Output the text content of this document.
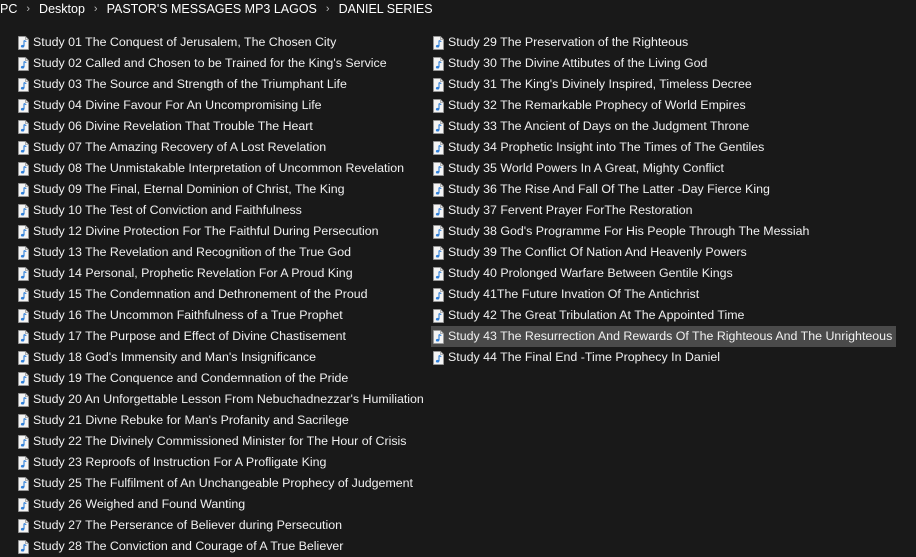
PC › Desktop › PASTOR'S MESSAGES MP3 LAGOS › DANIEL SERIES
Study 01 The Conquest of Jerusalem, The Chosen City
Study 02 Called and Chosen to be Trained for the King's Service
Study 03 The Source and Strength of the Triumphant Life
Study 04 Divine Favour For An Uncompromising Life
Study 06 Divine Revelation That Trouble The Heart
Study 07 The Amazing Recovery of A Lost Revelation
Study 08 The Unmistakable Interpretation of Uncommon Revelation
Study 09 The Final, Eternal Dominion of Christ, The King
Study 10 The Test of Conviction and Faithfulness
Study 12 Divine Protection For The Faithful During Persecution
Study 13 The Revelation and Recognition of the True God
Study 14 Personal, Prophetic Revelation For A Proud King
Study 15 The Condemnation and Dethronement of the Proud
Study 16 The Uncommon Faithfulness of a True Prophet
Study 17 The Purpose and Effect of Divine Chastisement
Study 18 God's Immensity and Man's Insignificance
Study 19 The Conquence and Condemnation of the Pride
Study 20 An Unforgettable Lesson From Nebuchadnezzar's Humiliation
Study 21 Divne Rebuke for Man's Profanity and Sacrilege
Study 22 The Divinely Commissioned Minister for The Hour of Crisis
Study 23 Reproofs of Instruction For A Profligate King
Study 25 The Fulfilment of An Unchangeable Prophecy of Judgement
Study 26 Weighed and Found Wanting
Study 27 The Perserance of Believer during Persecution
Study 28 The Conviction and Courage of A True Believer
Study 29 The Preservation of the Righteous
Study 30 The Divine Attibutes of the Living God
Study 31 The King's Divinely Inspired, Timeless Decree
Study 32 The Remarkable Prophecy of World Empires
Study 33 The Ancient of Days on the Judgment Throne
Study 34 Prophetic Insight into The Times of The Gentiles
Study 35 World Powers In A Great, Mighty Conflict
Study 36 The Rise And Fall Of The Latter -Day Fierce King
Study 37 Fervent Prayer ForThe Restoration
Study 38 God's Programme For His People Through The Messiah
Study 39 The Conflict Of Nation And Heavenly Powers
Study 40 Prolonged Warfare Between Gentile Kings
Study 41The Future Invation Of The Antichrist
Study 42 The Great Tribulation At The Appointed Time
Study 43 The Resurrection And Rewards Of The Righteous And The Unrighteous
Study 44 The Final End -Time Prophecy In Daniel
